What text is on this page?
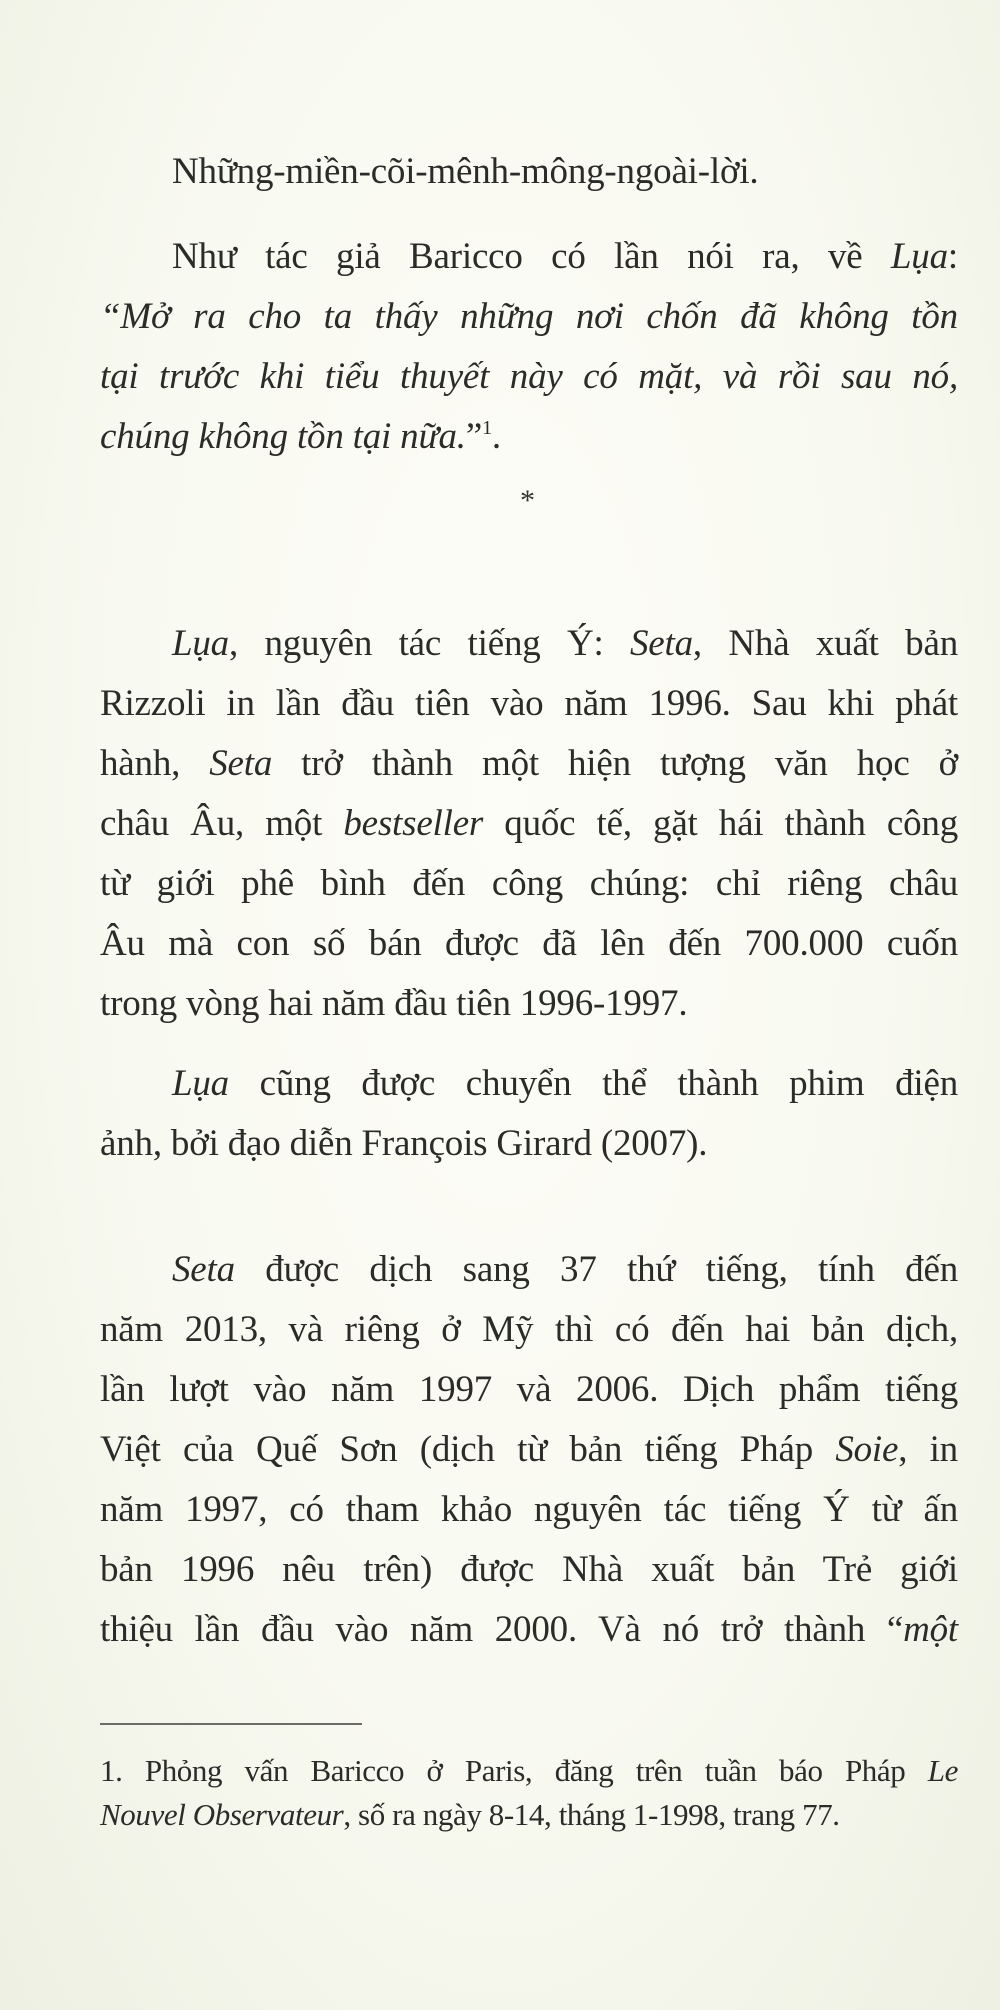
Những-miền-cõi-mênh-mông-ngoài-lời.
Như tác giả Baricco có lần nói ra, về Lụa:
“Mở ra cho ta thấy những nơi chốn đã không tồn
tại trước khi tiểu thuyết này có mặt, và rồi sau nó,
chúng không tồn tại nữa.”$^1$.
*
Lụa, nguyên tác tiếng Ý: Seta, Nhà xuất bản
Rizzoli in lần đầu tiên vào năm 1996. Sau khi phát
hành, Seta trở thành một hiện tượng văn học ở
châu Âu, một bestseller quốc tế, gặt hái thành công
từ giới phê bình đến công chúng: chỉ riêng châu
Âu mà con số bán được đã lên đến 700.000 cuốn
trong vòng hai năm đầu tiên 1996-1997.
Lụa cũng được chuyển thể thành phim điện
ảnh, bởi đạo diễn François Girard (2007).
Seta được dịch sang 37 thứ tiếng, tính đến
năm 2013, và riêng ở Mỹ thì có đến hai bản dịch,
lần lượt vào năm 1997 và 2006. Dịch phẩm tiếng
Việt của Quế Sơn (dịch từ bản tiếng Pháp Soie, in
năm 1997, có tham khảo nguyên tác tiếng Ý từ ấn
bản 1996 nêu trên) được Nhà xuất bản Trẻ giới
thiệu lần đầu vào năm 2000. Và nó trở thành “một
1. Phỏng vấn Baricco ở Paris, đăng trên tuần báo Pháp Le
Nouvel Observateur, số ra ngày 8-14, tháng 1-1998, trang 77.
